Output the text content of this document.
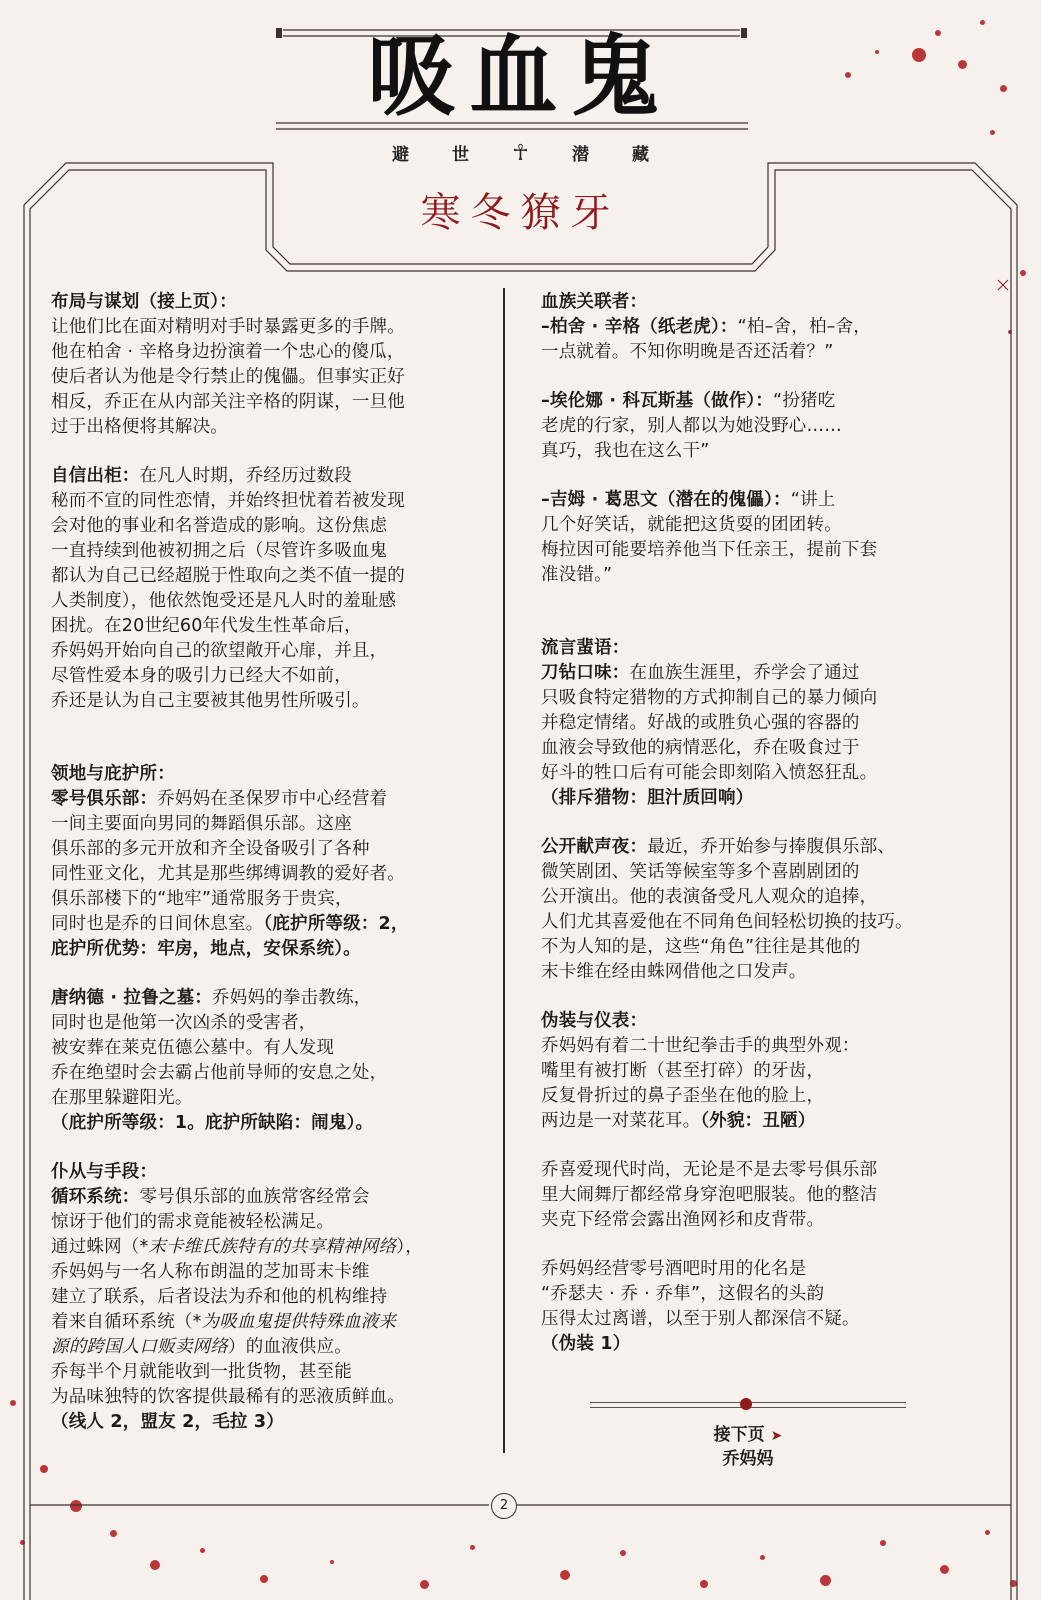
吸血鬼
避	世 ☥	潜	藏
寒冬獠牙

布局与谋划（接上页）：

让他们比在面对精明对手时暴露更多的手牌。

他在柏舍 · 辛格身边扮演着一个忠心的傻瓜，

使后者认为他是令行禁止的傀儡。但事实正好

相反，乔正在从内部关注辛格的阴谋，一旦他

过于出格便将其解决。

自信出柜：在凡人时期，乔经历过数段

秘而不宣的同性恋情，并始终担忧着若被发现

会对他的事业和名誉造成的影响。这份焦虑

一直持续到他被初拥之后（尽管许多吸血鬼

都认为自己已经超脱于性取向之类不值一提的

人类制度），他依然饱受还是凡人时的羞耻感

困扰。在20世纪60年代发生性革命后，

乔妈妈开始向自己的欲望敞开心扉，并且，

尽管性爱本身的吸引力已经大不如前，

乔还是认为自己主要被其他男性所吸引。

领地与庇护所：

零号俱乐部：乔妈妈在圣保罗市中心经营着

一间主要面向男同的舞蹈俱乐部。这座

俱乐部的多元开放和齐全设备吸引了各种

同性亚文化，尤其是那些绑缚调教的爱好者。

俱乐部楼下的“地牢”通常服务于贵宾，

同时也是乔的日间休息室。（庇护所等级：2，

庇护所优势：牢房，地点，安保系统）。

唐纳德 · 拉鲁之墓：乔妈妈的拳击教练，

同时也是他第一次凶杀的受害者，

被安葬在莱克伍德公墓中。有人发现

乔在绝望时会去霸占他前导师的安息之处，

在那里躲避阳光。

（庇护所等级：1。庇护所缺陷：闹鬼）。

仆从与手段：

循环系统：零号俱乐部的血族常客经常会

惊讶于他们的需求竟能被轻松满足。

通过蛛网（*末卡维氏族特有的共享精神网络），

乔妈妈与一名人称布朗温的芝加哥末卡维

建立了联系，后者设法为乔和他的机构维持

着来自循环系统（*为吸血鬼提供特殊血液来

源的跨国人口贩卖网络）的血液供应。

乔每半个月就能收到一批货物，甚至能

为品味独特的饮客提供最稀有的恶液质鲜血。

（线人 2，盟友 2，毛拉 3）

血族关联者：

–柏舍 · 辛格（纸老虎）：“柏–舍，柏–舍，

一点就着。不知你明晚是否还活着？”

–埃伦娜 · 科瓦斯基（做作）：“扮猪吃

老虎的行家，别人都以为她没野心……

真巧，我也在这么干”

–吉姆 · 葛思文（潜在的傀儡）：“讲上

几个好笑话，就能把这货耍的团团转。

梅拉因可能要培养他当下任亲王，提前下套

准没错。”

流言蜚语：

刀钻口味：在血族生涯里，乔学会了通过

只吸食特定猎物的方式抑制自己的暴力倾向

并稳定情绪。好战的或胜负心强的容器的

血液会导致他的病情恶化，乔在吸食过于

好斗的牲口后有可能会即刻陷入愤怒狂乱。

（排斥猎物：胆汁质回响）

公开献声夜：最近，乔开始参与捧腹俱乐部、

微笑剧团、笑话等候室等多个喜剧剧团的

公开演出。他的表演备受凡人观众的追捧，

人们尤其喜爱他在不同角色间轻松切换的技巧。

不为人知的是，这些“角色”往往是其他的

末卡维在经由蛛网借他之口发声。

伪装与仪表：

乔妈妈有着二十世纪拳击手的典型外观：

嘴里有被打断（甚至打碎）的牙齿，

反复骨折过的鼻子歪坐在他的脸上，

两边是一对菜花耳。（外貌：丑陋）

乔喜爱现代时尚，无论是不是去零号俱乐部

里大闹舞厅都经常身穿泡吧服装。他的整洁

夹克下经常会露出渔网衫和皮背带。

乔妈妈经营零号酒吧时用的化名是

“乔瑟夫 · 乔 · 乔隼”，这假名的头韵

压得太过离谱，以至于别人都深信不疑。

（伪装 1）

接下页 ➤
乔妈妈
2
